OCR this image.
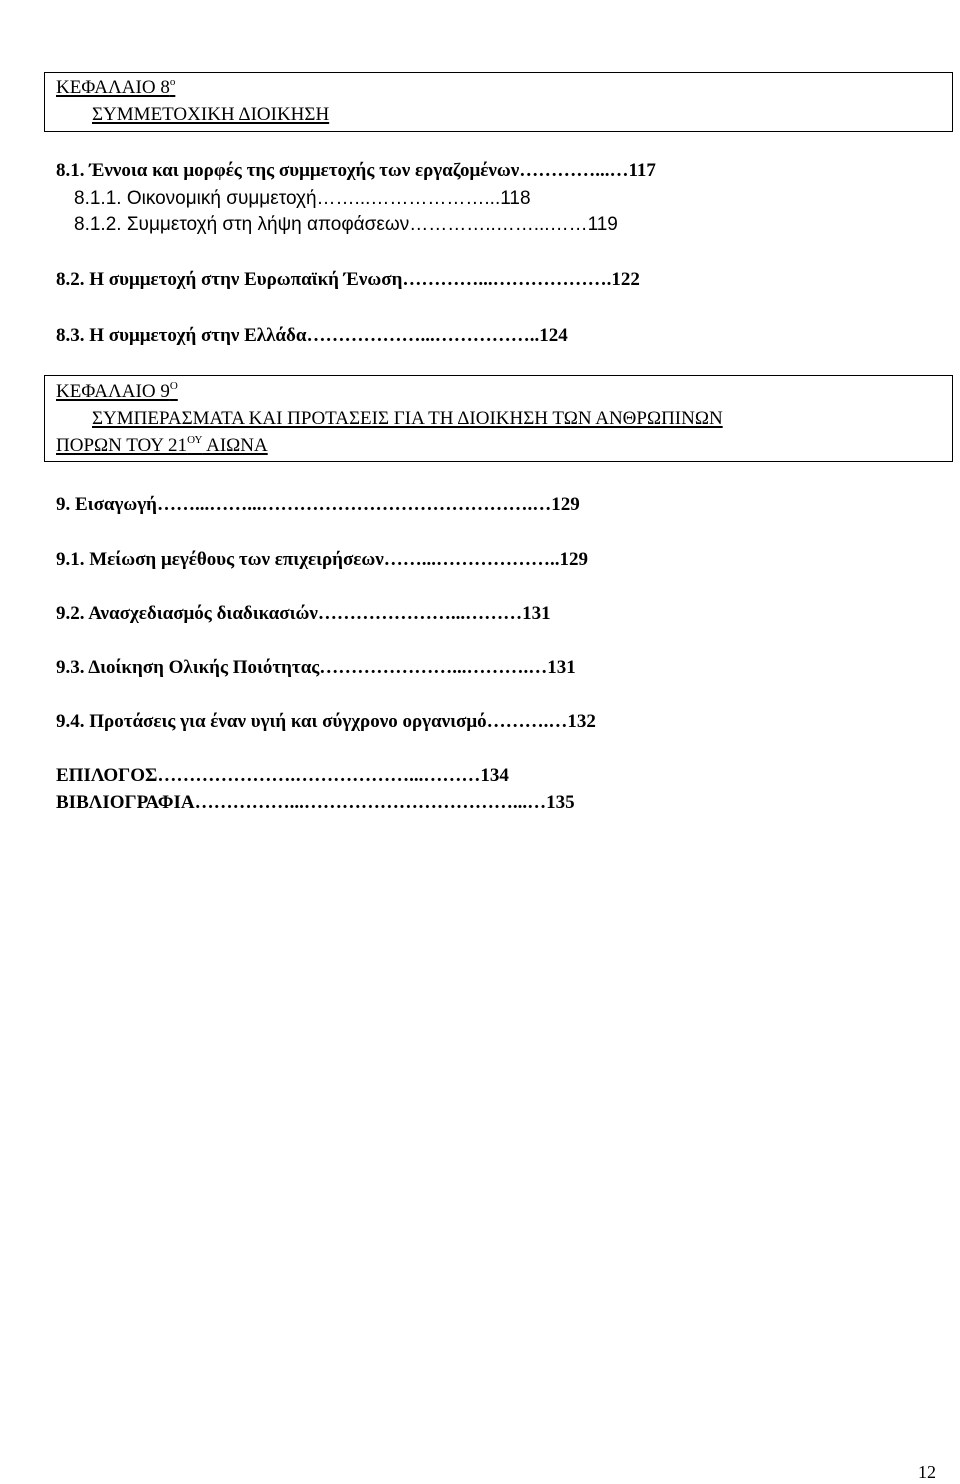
ΚΕΦΑΛΑΙΟ $8^o$
ΣΥΜΜΕΤΟΧΙΚΗ ΔΙΟΙΚΗΣΗ
8.1. Έννοια και μορφές της συμμετοχής των εργαζομένων…………...…117
8.1.1. Οικονομική συμμετοχή……...………………...118
8.1.2. Συμμετοχή στη λήψη αποφάσεων…………..……...……119
8.2. Η συμμετοχή στην Ευρωπαϊκή Ένωση…………...……………….122
8.3. Η συμμετοχή στην Ελλάδα………………...……………..124
ΚΕΦΑΛΑΙΟ $9^O$
ΣΥΜΠΕΡΑΣΜΑΤΑ ΚΑΙ ΠΡΟΤΑΣΕΙΣ ΓΙΑ ΤΗ ΔΙΟΙΚΗΣΗ ΤΩΝ ΑΝΘΡΩΠΙΝΩΝ
ΠΟΡΩΝ ΤΟΥ $21^{O\Upsilon}$ ΑΙΩΝΑ
9. Εισαγωγή……...……...…………………………………….…129
9.1. Μείωση μεγέθους των επιχειρήσεων……...………………..129
9.2. Ανασχεδιασμός διαδικασιών…………………...………131
9.3. Διοίκηση Ολικής Ποιότητας…………………...……….…131
9.4. Προτάσεις για έναν υγιή και σύγχρονο οργανισμό……….…132
ΕΠΙΛΟΓΟΣ………………….………………...………134
ΒΙΒΛΙΟΓΡΑΦΙΑ……………...……………………………...…135
12
